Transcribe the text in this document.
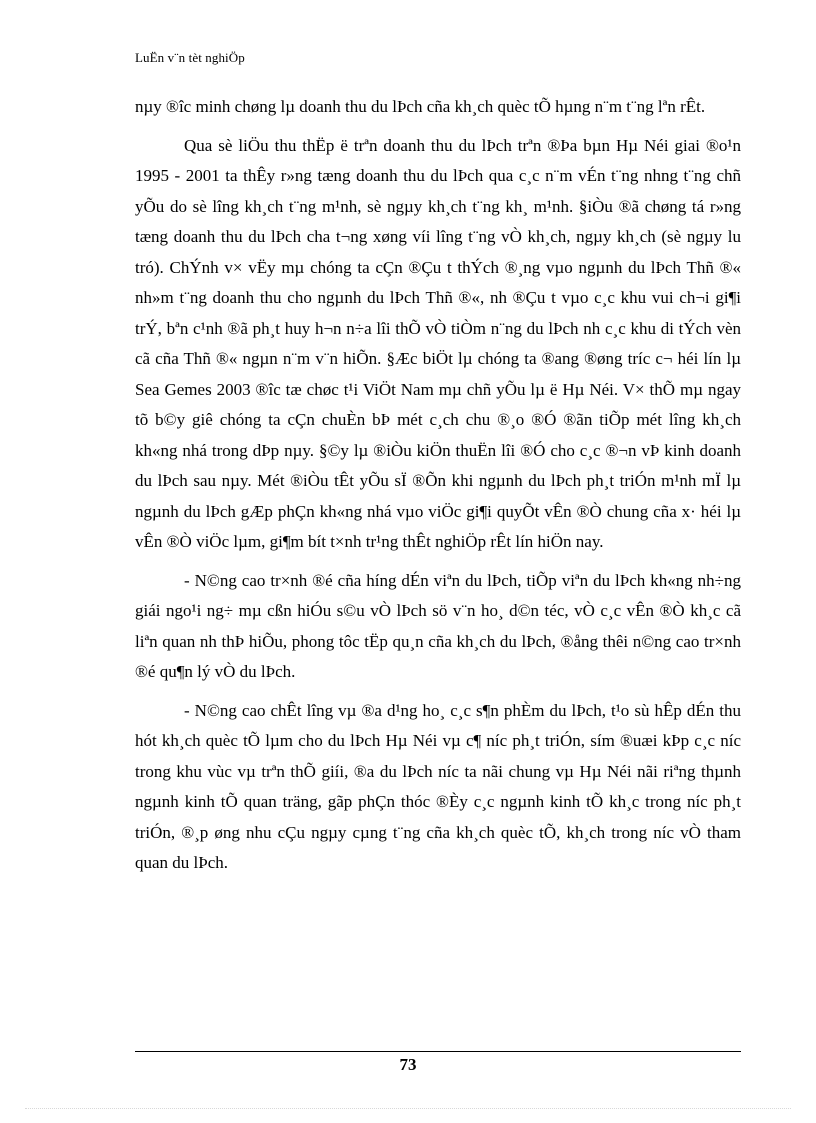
LuËn v¨n tèt nghiÖp

nµy ®îc minh chøng lµ doanh thu du lÞch cña kh¸ch quèc tÕ hµng n¨m t¨ng lªn rÊt.

Qua sè liÖu thu thËp ë trªn doanh thu du lÞch trªn ®Þa bµn Hµ Néi giai ®o¹n 1995 - 2001 ta thÊy r»ng tæng doanh thu du lÞch qua c¸c n¨m vÉn t¨ng nhng t¨ng chñ yÕu do sè lîng kh¸ch t¨ng m¹nh, sè ngµy kh¸ch t¨ng kh¸ m¹nh. §iÒu ®ã chøng tá r»ng tæng doanh thu du lÞch cha t¬ng xøng víi lîng t¨ng vÒ kh¸ch, ngµy kh¸ch (sè ngµy lu tró). ChÝnh v× vËy mµ chóng ta cÇn ®Çu t thÝch ®¸ng vµo ngµnh du lÞch Thñ ®« nh»m t¨ng doanh thu cho ngµnh du lÞch Thñ ®«, nh ®Çu t vµo c¸c khu vui ch¬i gi¶i trÝ, bªn c¹nh ®ã ph¸t huy h¬n n÷a lîi thÕ vÒ tiÒm n¨ng du lÞch nh c¸c khu di tÝch vèn cã cña Thñ ®« ngµn n¨m v¨n hiÕn. §Æc biÖt lµ chóng ta ®ang ®øng tríc c¬ héi lín lµ Sea Gemes 2003 ®îc tæ chøc t¹i ViÖt Nam mµ chñ yÕu lµ ë Hµ Néi. V× thÕ mµ ngay tõ b©y giê chóng ta cÇn chuÈn bÞ mét c¸ch chu ®¸o ®Ó ®ãn tiÕp mét lîng kh¸ch kh«ng nhá trong dÞp nµy. §©y lµ ®iÒu kiÖn thuËn lîi ®Ó cho c¸c ®¬n vÞ kinh doanh du lÞch sau nµy. Mét ®iÒu tÊt yÕu sÏ ®Õn khi ngµnh du lÞch ph¸t triÓn m¹nh mÏ lµ ngµnh du lÞch gÆp phÇn kh«ng nhá vµo viÖc gi¶i quyÕt vÊn ®Ò chung cña x· héi lµ vÊn ®Ò viÖc lµm, gi¶m bít t×nh tr¹ng thÊt nghiÖp rÊt lín hiÖn nay.

- N©ng cao tr×nh ®é cña híng dÉn viªn du lÞch, tiÕp viªn du lÞch kh«ng nh÷ng giái ngo¹i ng÷ mµ cßn hiÓu s©u vÒ lÞch sö v¨n ho¸ d©n téc, vÒ c¸c vÊn ®Ò kh¸c cã liªn quan nh thÞ hiÕu, phong tôc tËp qu¸n cña kh¸ch du lÞch, ®ång thêi n©ng cao tr×nh ®é qu¶n lý vÒ du lÞch.

- N©ng cao chÊt lîng vµ ®a d¹ng ho¸ c¸c s¶n phÈm du lÞch, t¹o sù hÊp dÉn thu hót kh¸ch quèc tÕ lµm cho du lÞch Hµ Néi vµ c¶ níc ph¸t triÓn, sím ®uæi kÞp c¸c níc trong khu vùc vµ trªn thÕ giíi, ®a du lÞch níc ta nãi chung vµ Hµ Néi nãi riªng thµnh ngµnh kinh tÕ quan träng, gãp phÇn thóc ®Èy c¸c ngµnh kinh tÕ kh¸c trong níc ph¸t triÓn, ®¸p øng nhu cÇu ngµy cµng t¨ng cña kh¸ch quèc tÕ, kh¸ch trong níc vÒ tham quan du lÞch.

73
